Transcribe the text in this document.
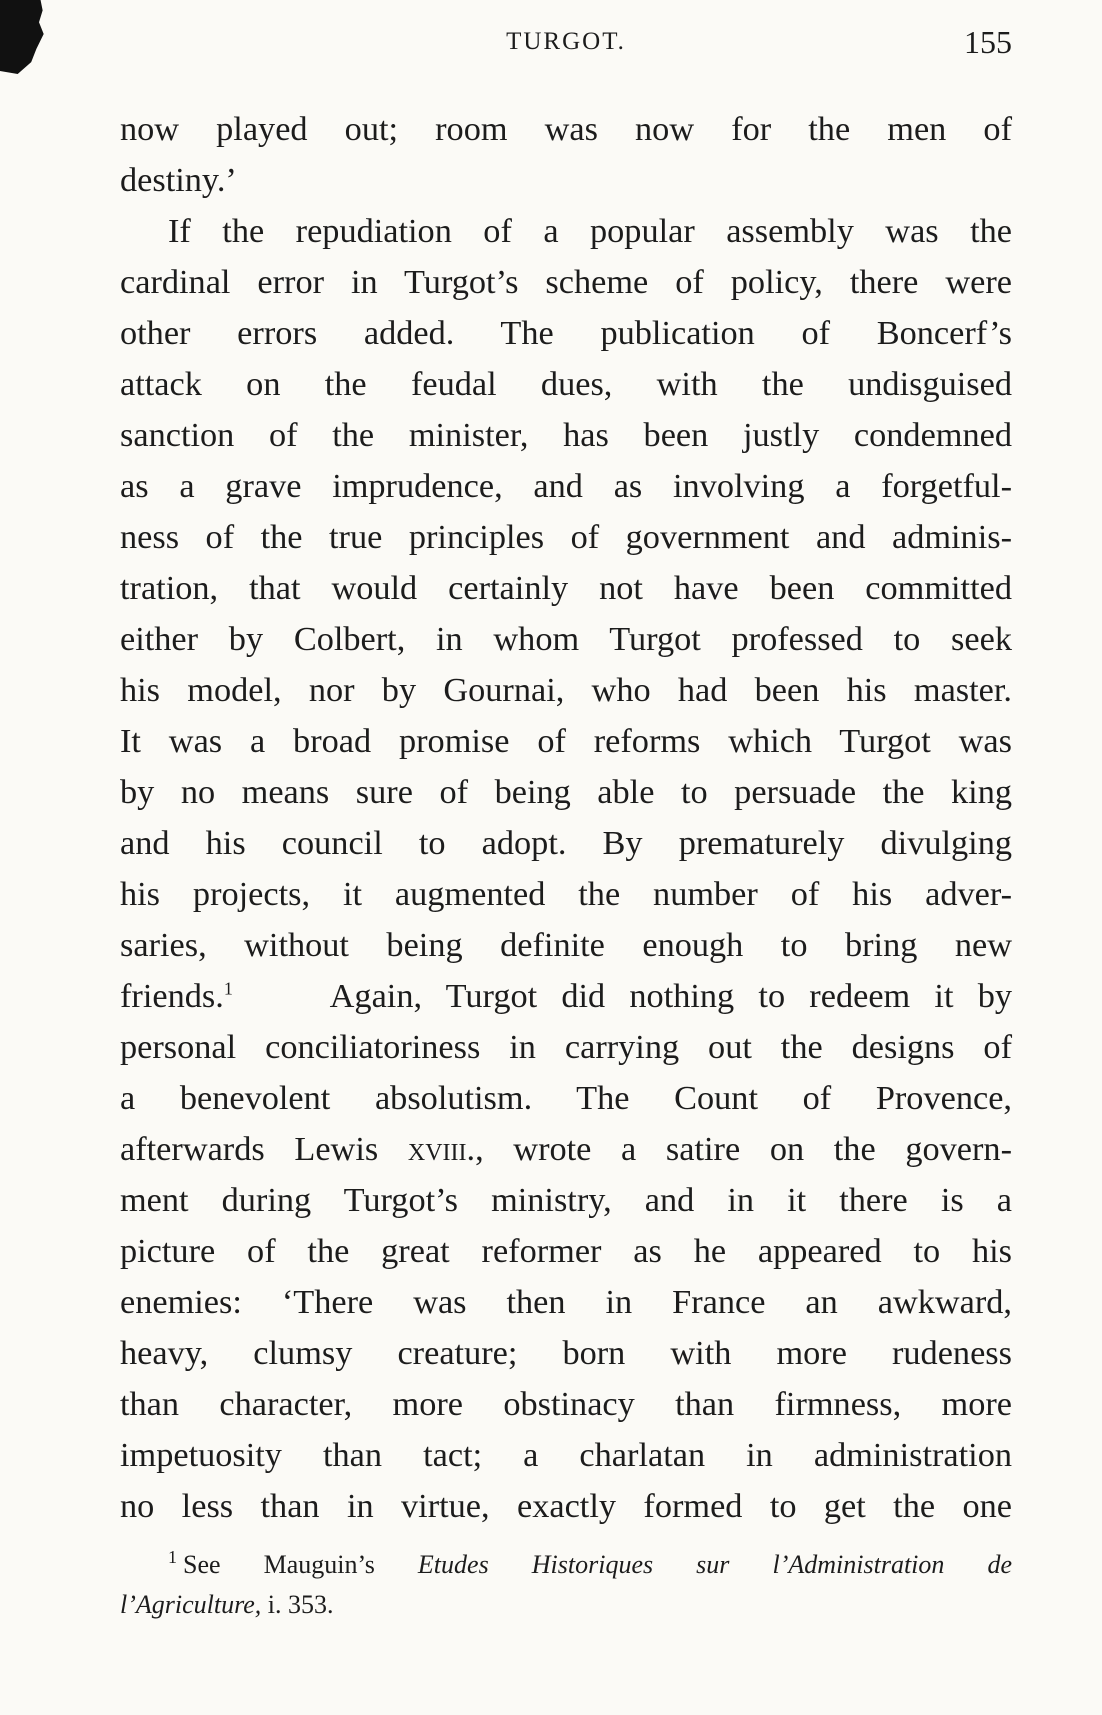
TURGOT.	155
now played out; room was now for the men of
destiny.’
If the repudiation of a popular assembly was the
cardinal error in Turgot’s scheme of policy, there were
other errors added. The publication of Boncerf’s
attack on the feudal dues, with the undisguised
sanction of the minister, has been justly condemned
as a grave imprudence, and as involving a forgetful-
ness of the true principles of government and adminis-
tration, that would certainly not have been committed
either by Colbert, in whom Turgot professed to seek
his model, nor by Gournai, who had been his master.
It was a broad promise of reforms which Turgot was
by no means sure of being able to persuade the king
and his council to adopt. By prematurely divulging
his projects, it augmented the number of his adver-
saries, without being definite enough to bring new
friends.$^1$	Again, Turgot did nothing to redeem it by
personal conciliatoriness in carrying out the designs of
a benevolent absolutism. The Count of Provence,
afterwards Lewis xviii., wrote a satire on the govern-
ment during Turgot’s ministry, and in it there is a
picture of the great reformer as he appeared to his
enemies: ‘There was then in France an awkward,
heavy, clumsy creature; born with more rudeness
than character, more obstinacy than firmness, more
impetuosity than tact; a charlatan in administration
no less than in virtue, exactly formed to get the one
$^1$ See Mauguin’s Etudes Historiques sur l’Administration de
l’Agriculture, i. 353.
